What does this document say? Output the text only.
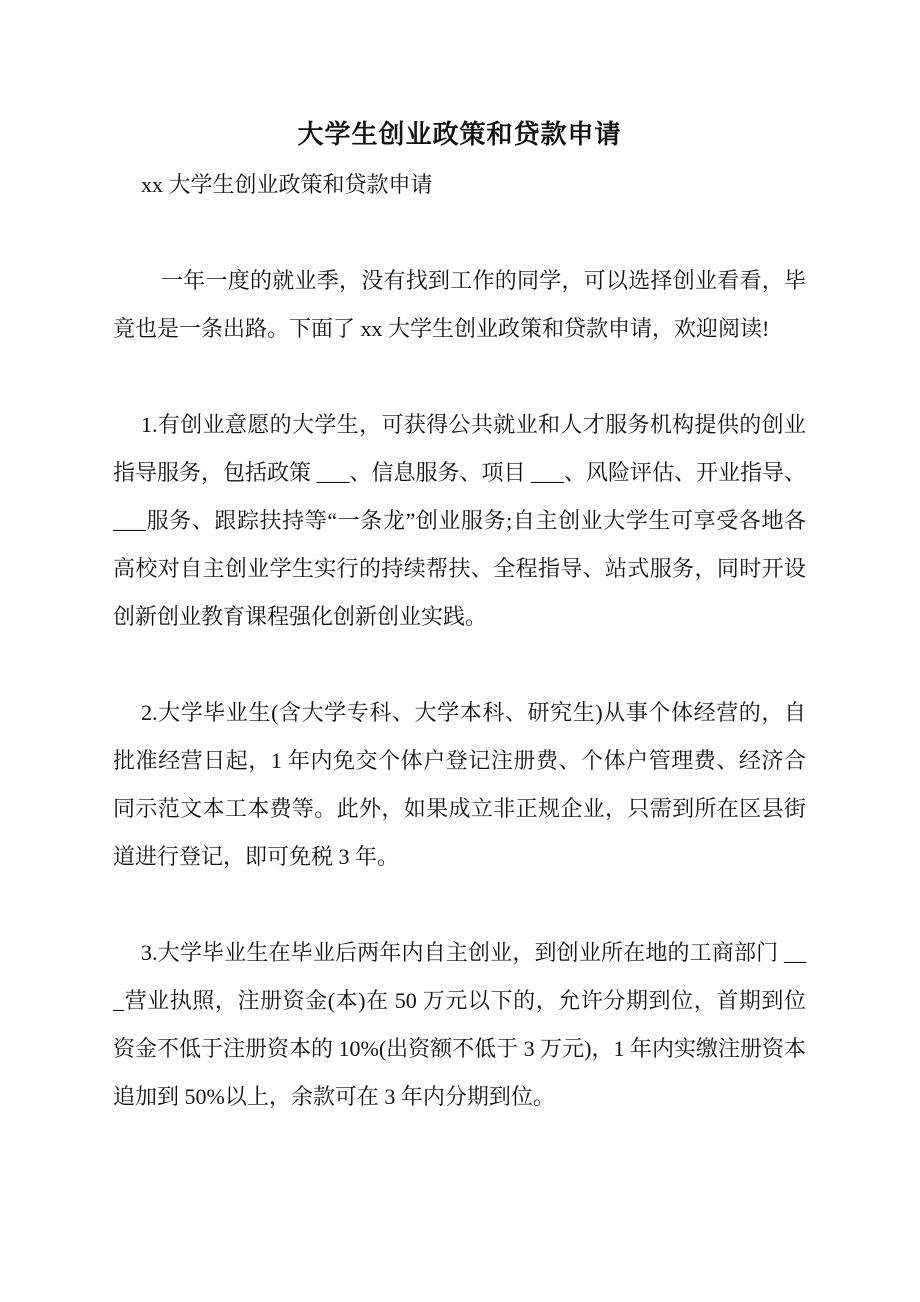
大学生创业政策和贷款申请

xx 大学生创业政策和贷款申请

一年一度的就业季，没有找到工作的同学，可以选择创业看看，毕竟也是一条出路。下面了 xx 大学生创业政策和贷款申请，欢迎阅读!

1.有创业意愿的大学生，可获得公共就业和人才服务机构提供的创业指导服务，包括政策 ___、信息服务、项目 ___、风险评估、开业指导、 ___服务、跟踪扶持等“一条龙”创业服务;自主创业大学生可享受各地各高校对自主创业学生实行的持续帮扶、全程指导、站式服务，同时开设创新创业教育课程强化创新创业实践。

2.大学毕业生(含大学专科、大学本科、研究生)从事个体经营的，自批准经营日起，1 年内免交个体户登记注册费、个体户管理费、经济合同示范文本工本费等。此外，如果成立非正规企业，只需到所在区县街道进行登记，即可免税 3 年。

3.大学毕业生在毕业后两年内自主创业，到创业所在地的工商部门 ___营业执照，注册资金(本)在 50 万元以下的，允许分期到位，首期到位资金不低于注册资本的 10%(出资额不低于 3 万元)，1 年内实缴注册资本追加到 50%以上，余款可在 3 年内分期到位。
